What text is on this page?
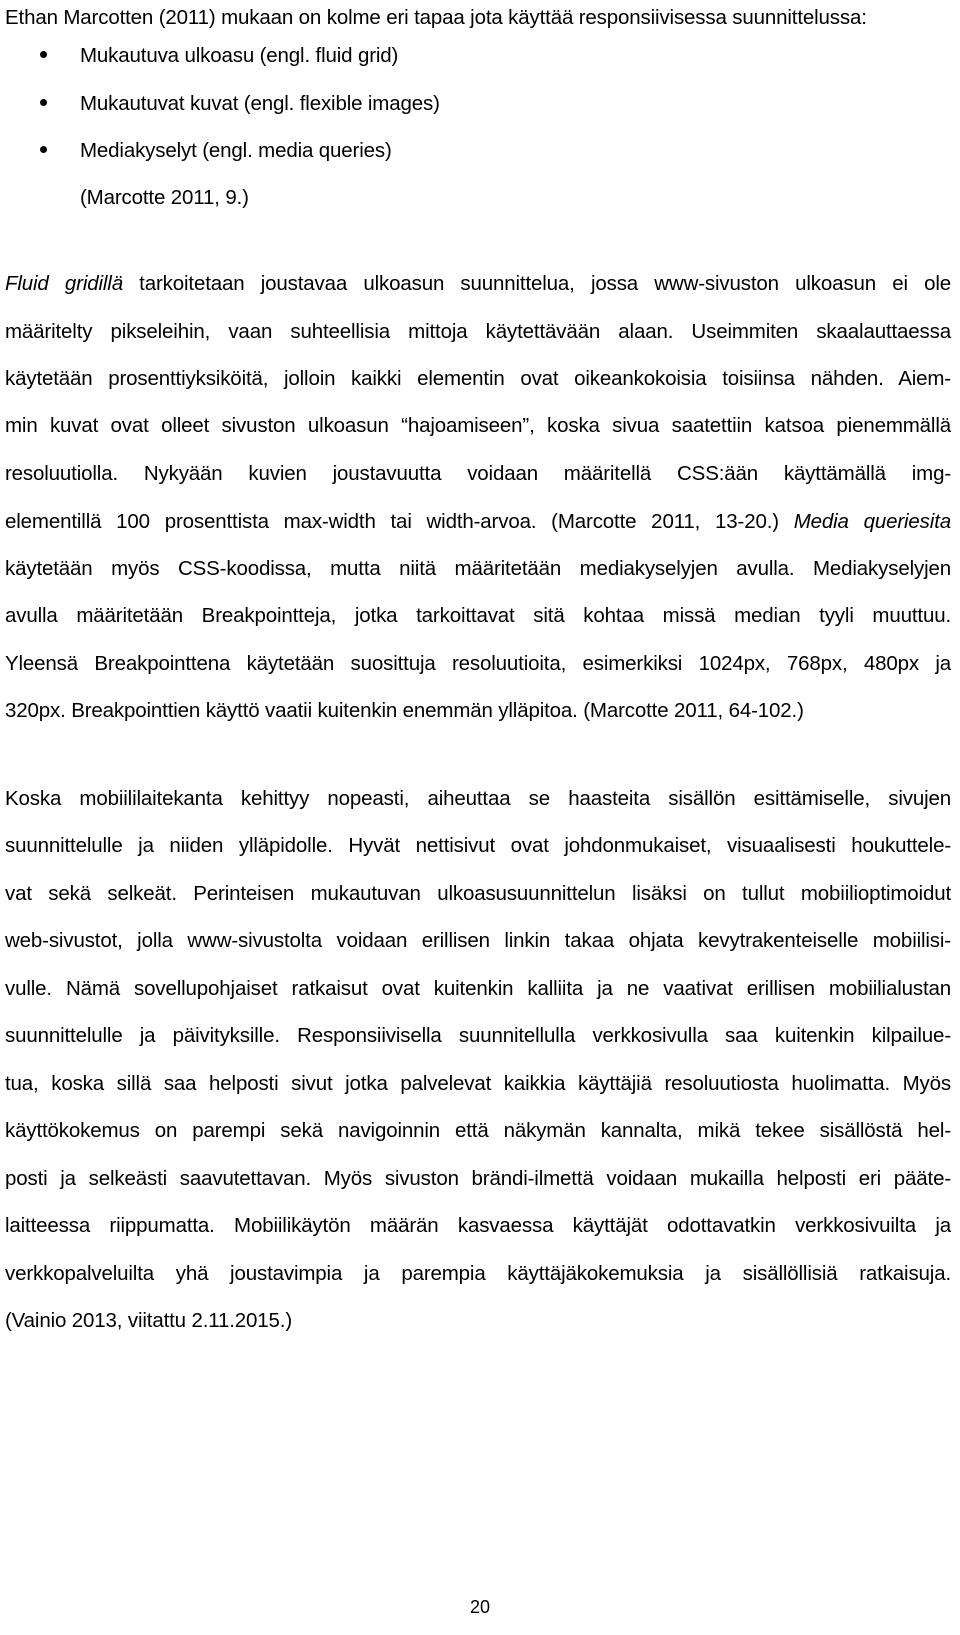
Ethan Marcotten (2011) mukaan on kolme eri tapaa jota käyttää responsiivisessa suunnittelussa:
Mukautuva ulkoasu (engl. fluid grid)
Mukautuvat kuvat (engl. flexible images)
Mediakyselyt (engl. media queries)
(Marcotte 2011, 9.)
Fluid gridillä tarkoitetaan joustavaa ulkoasun suunnittelua, jossa www-sivuston ulkoasun ei ole
määritelty pikseleihin, vaan suhteellisia mittoja käytettävään alaan. Useimmiten skaalauttaessa
käytetään prosenttiyksiköitä, jolloin kaikki elementin ovat oikeankokoisia toisiinsa nähden. Aiem-
min kuvat ovat olleet sivuston ulkoasun “hajoamiseen”, koska sivua saatettiin katsoa pienemmällä
resoluutiolla. Nykyään kuvien joustavuutta voidaan määritellä CSS:ään käyttämällä img-
elementillä 100 prosenttista max-width tai width-arvoa. (Marcotte 2011, 13-20.) Media queriesita
käytetään myös CSS-koodissa, mutta niitä määritetään mediakyselyjen avulla. Mediakyselyjen
avulla määritetään Breakpointteja, jotka tarkoittavat sitä kohtaa missä median tyyli muuttuu.
Yleensä Breakpointtena käytetään suosittuja resoluutioita, esimerkiksi 1024px, 768px, 480px ja
320px. Breakpointtien käyttö vaatii kuitenkin enemmän ylläpitoa. (Marcotte 2011, 64-102.)
Koska mobiililaitekanta kehittyy nopeasti, aiheuttaa se haasteita sisällön esittämiselle, sivujen
suunnittelulle ja niiden ylläpidolle. Hyvät nettisivut ovat johdonmukaiset, visuaalisesti houkuttele-
vat sekä selkeät. Perinteisen mukautuvan ulkoasusuunnittelun lisäksi on tullut mobiilioptimoidut
web-sivustot, jolla www-sivustolta voidaan erillisen linkin takaa ohjata kevytrakenteiselle mobiilisi-
vulle. Nämä sovellupohjaiset ratkaisut ovat kuitenkin kalliita ja ne vaativat erillisen mobiilialustan
suunnittelulle ja päivityksille. Responsiivisella suunnitellulla verkkosivulla saa kuitenkin kilpailue-
tua, koska sillä saa helposti sivut jotka palvelevat kaikkia käyttäjiä resoluutiosta huolimatta. Myös
käyttökokemus on parempi sekä navigoinnin että näkymän kannalta, mikä tekee sisällöstä hel-
posti ja selkeästi saavutettavan. Myös sivuston brändi-ilmettä voidaan mukailla helposti eri pääte-
laitteessa riippumatta. Mobiilikäytön määrän kasvaessa käyttäjät odottavatkin verkkosivuilta ja
verkkopalveluilta yhä joustavimpia ja parempia käyttäjäkokemuksia ja sisällöllisiä ratkaisuja.
(Vainio 2013, viitattu 2.11.2015.)
20
